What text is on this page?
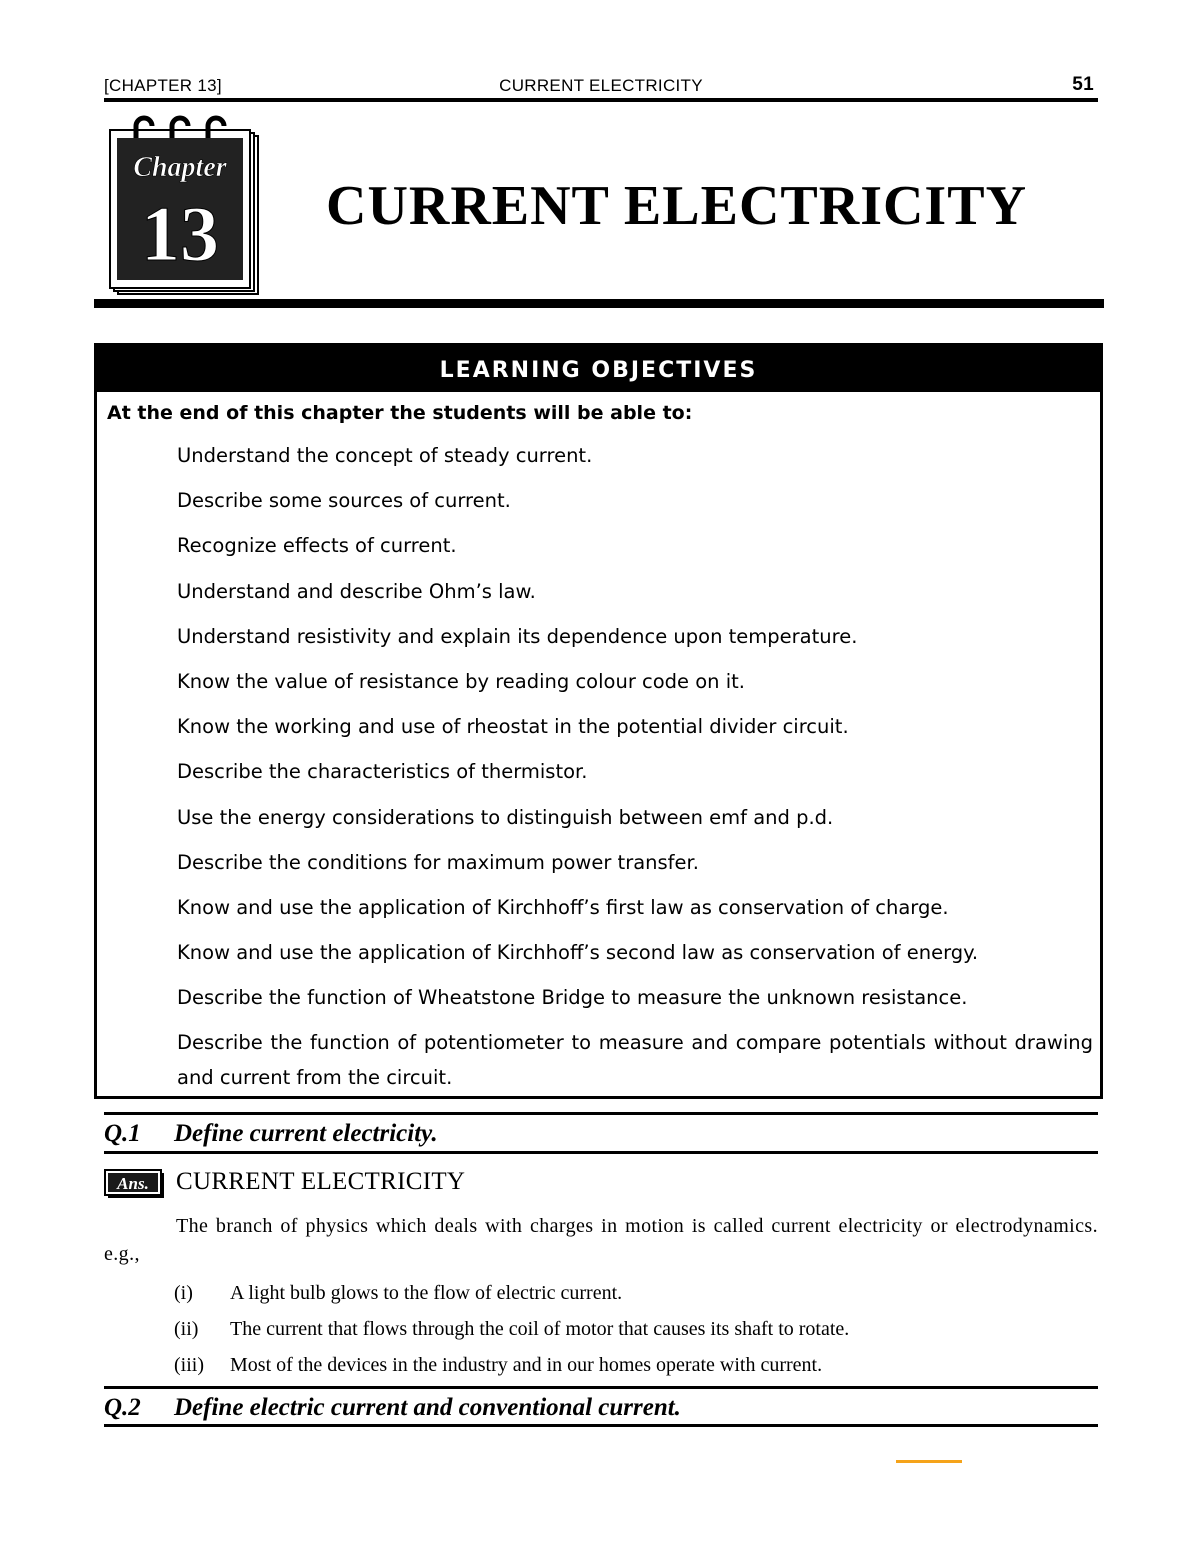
[CHAPTER 13]	CURRENT ELECTRICITY	51
Chapter
13 CURRENT ELECTRICITY
LEARNING OBJECTIVES
At the end of this chapter the students will be able to:
Understand the concept of steady current.
Describe some sources of current.
Recognize effects of current.
Understand and describe Ohm’s law.
Understand resistivity and explain its dependence upon temperature.
Know the value of resistance by reading colour code on it.
Know the working and use of rheostat in the potential divider circuit.
Describe the characteristics of thermistor.
Use the energy considerations to distinguish between emf and p.d.
Describe the conditions for maximum power transfer.
Know and use the application of Kirchhoff’s first law as conservation of charge.
Know and use the application of Kirchhoff’s second law as conservation of energy.
Describe the function of Wheatstone Bridge to measure the unknown resistance.
Describe the function of potentiometer to measure and compare potentials without drawing and current from the circuit.
Q.1 Define current electricity.
Ans. CURRENT ELECTRICITY

The branch of physics which deals with charges in motion is called current electricity or electrodynamics. e.g.,

(i) A light bulb glows to the flow of electric current.
(ii) The current that flows through the coil of motor that causes its shaft to rotate.
(iii) Most of the devices in the industry and in our homes operate with current.
Q.2 Define electric current and conventional current.
